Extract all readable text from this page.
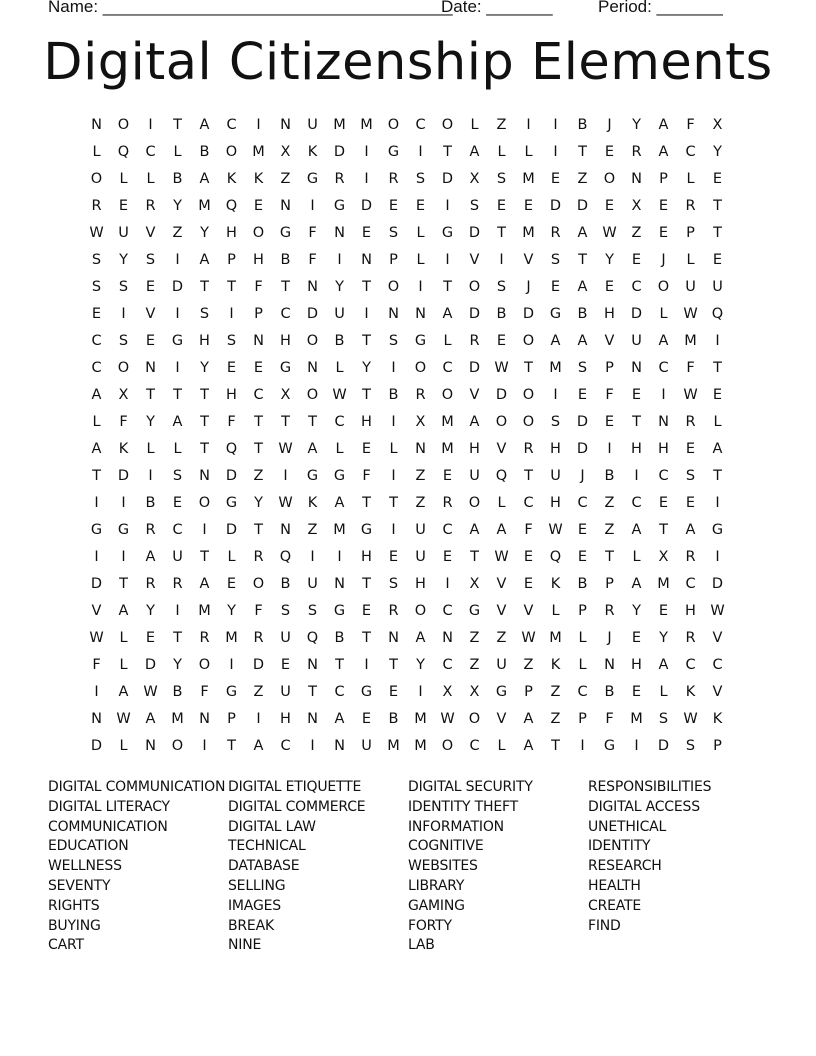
Name: _____________________________________Date: _______	Period: _______
Digital Citizenship Elements
N	O	I	T	A	C	I	N	U	M M	O	C	O	L	Z	I	I	B	J	Y	A	F	X
L	Q	C	L	B	O	M	X	K	D	I	G	I	T	A	L	L	I	T	E	R	A	C	Y
O	L	L	B	A	K	K	Z	G	R	I	R	S	D	X	S	M	E	Z	O	N	P	L	E
R	E	R	Y	M	Q	E	N	I	G	D	E	E	I	S	E	E	D	D	E	X	E	R	T
W	U	V	Z	Y	H	O	G	F	N	E	S	L	G	D	T	M	R	A	W	Z	E	P	T
S	Y	S	I	A	P	H	B	F	I	N	P	L	I	V	I	V	S	T	Y	E	J	L	E
S	S	E	D	T	T	F	T	N	Y	T	O	I	T	O	S	J	E	A	E	C	O	U	U
E	I	V	I	S	I	P	C	D	U	I	N	N	A	D	B	D	G	B	H	D	L	W Q
C	S	E	G	H	S	N	H	O	B	T	S	G	L	R	E	O	A	A	V	U	A	M	I
C	O	N	I	Y	E	E	G	N	L	Y	I	O	C	D W	T	M	S	P	N	C	F	T
A	X	T	T	T	H	C	X	O W	T	B	R	O	V	D	O	I	E	F	E	I	W	E
L	F	Y	A	T	F	T	T	T	C	H	I	X	M	A	O	O	S	D	E	T	N	R	L
A	K	L	L	T	Q	T	W	A	L	E	L	N	M	H	V	R	H	D	I	H	H	E	A
T	D	I	S	N	D	Z	I	G	G	F	I	Z	E	U	Q	T	U	J	B	I	C	S	T
I	I	B	E	O	G	Y	W	K	A	T	T	Z	R	O	L	C	H	C	Z	C	E	E	I
G	G	R	C	I	D	T	N	Z	M	G	I	U	C	A	A	F	W	E	Z	A	T	A	G
I	I	A	U	T	L	R	Q	I	I	H	E	U	E	T	W	E	Q	E	T	L	X	R	I
D	T	R	R	A	E	O	B	U	N	T	S	H	I	X	V	E	K	B	P	A	M	C	D
V	A	Y	I	M	Y	F	S	S	G	E	R	O	C	G	V	V	L	P	R	Y	E	H W
W	L	E	T	R	M	R	U	Q	B	T	N	A	N	Z	Z	W M	L	J	E	Y	R	V
F	L	D	Y	O	I	D	E	N	T	I	T	Y	C	Z	U	Z	K	L	N	H	A	C	C
I	A	W	B	F	G	Z	U	T	C	G	E	I	X	X	G	P	Z	C	B	E	L	K	V
N W	A	M	N	P	I	H	N	A	E	B	M W O	V	A	Z	P	F	M	S	W	K
D	L	N	O	I	T	A	C	I	N	U	M M	O	C	L	A	T	I	G	I	D	S	P
DIGITAL COMMUNICATION
DIGITAL LITERACY
COMMUNICATION
EDUCATION
WELLNESS
SEVENTY
RIGHTS
BUYING
CART
DIGITAL ETIQUETTE
DIGITAL COMMERCE
DIGITAL LAW
TECHNICAL
DATABASE
SELLING
IMAGES
BREAK
NINE
DIGITAL SECURITY
IDENTITY THEFT
INFORMATION
COGNITIVE
WEBSITES
LIBRARY
GAMING
FORTY
LAB
RESPONSIBILITIES
DIGITAL ACCESS
UNETHICAL
IDENTITY
RESEARCH
HEALTH
CREATE
FIND
